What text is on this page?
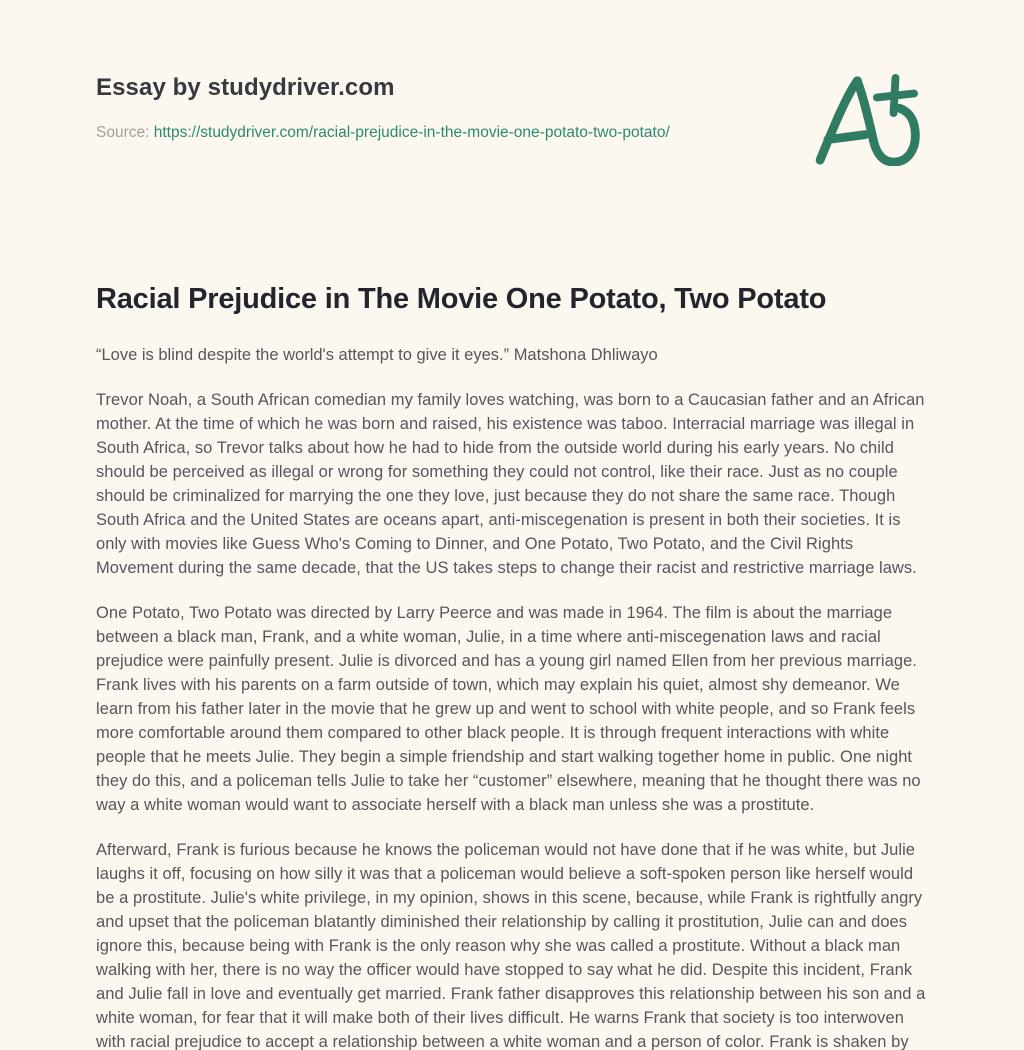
Essay by studydriver.com
Source: https://studydriver.com/racial-prejudice-in-the-movie-one-potato-two-potato/
Racial Prejudice in The Movie One Potato, Two Potato

“Love is blind despite the world's attempt to give it eyes.” Matshona Dhliwayo

Trevor Noah, a South African comedian my family loves watching, was born to a Caucasian father and an African mother. At the time of which he was born and raised, his existence was taboo. Interracial marriage was illegal in South Africa, so Trevor talks about how he had to hide from the outside world during his early years. No child should be perceived as illegal or wrong for something they could not control, like their race. Just as no couple should be criminalized for marrying the one they love, just because they do not share the same race. Though South Africa and the United States are oceans apart, anti-miscegenation is present in both their societies. It is only with movies like Guess Who's Coming to Dinner, and One Potato, Two Potato, and the Civil Rights Movement during the same decade, that the US takes steps to change their racist and restrictive marriage laws.

One Potato, Two Potato was directed by Larry Peerce and was made in 1964. The film is about the marriage between a black man, Frank, and a white woman, Julie, in a time where anti-miscegenation laws and racial prejudice were painfully present. Julie is divorced and has a young girl named Ellen from her previous marriage. Frank lives with his parents on a farm outside of town, which may explain his quiet, almost shy demeanor. We learn from his father later in the movie that he grew up and went to school with white people, and so Frank feels more comfortable around them compared to other black people. It is through frequent interactions with white people that he meets Julie. They begin a simple friendship and start walking together home in public. One night they do this, and a policeman tells Julie to take her “customer” elsewhere, meaning that he thought there was no way a white woman would want to associate herself with a black man unless she was a prostitute.

Afterward, Frank is furious because he knows the policeman would not have done that if he was white, but Julie laughs it off, focusing on how silly it was that a policeman would believe a soft-spoken person like herself would be a prostitute. Julie's white privilege, in my opinion, shows in this scene, because, while Frank is rightfully angry and upset that the policeman blatantly diminished their relationship by calling it prostitution, Julie can and does ignore this, because being with Frank is the only reason why she was called a prostitute. Without a black man walking with her, there is no way the officer would have stopped to say what he did. Despite this incident, Frank and Julie fall in love and eventually get married. Frank father disapproves this relationship between his son and a white woman, for fear that it will make both of their lives difficult. He warns Frank that society is too interwoven with racial prejudice to accept a relationship between a white woman and a person of color. Frank is shaken by
